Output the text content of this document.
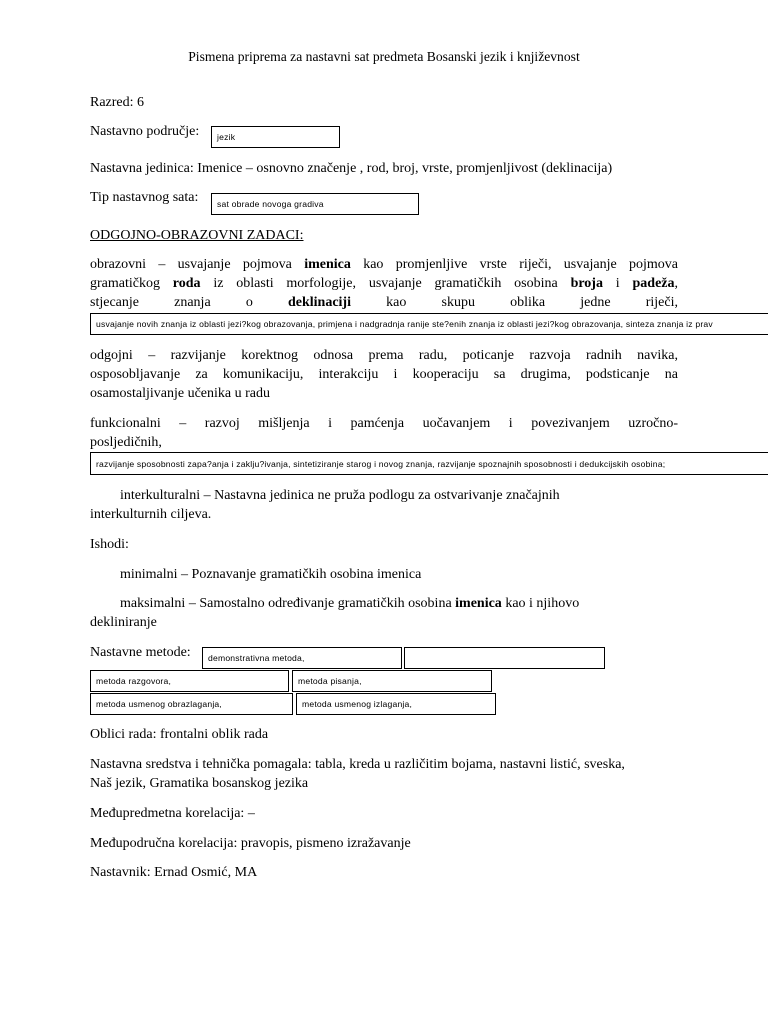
Pismena priprema za nastavni sat predmeta Bosanski jezik i književnost
Razred: 6
Nastavno područje:	jezik
Nastavna jedinica: Imenice – osnovno značenje , rod, broj, vrste, promjenljivost (deklinacija)
Tip nastavnog sata:	sat obrade novoga gradiva
ODGOJNO-OBRAZOVNI ZADACI:
obrazovni – usvajanje pojmova imenica kao promjenljive vrste riječi, usvajanje pojmova
gramatičkog roda iz oblasti morfologije, usvajanje gramatičkih osobina broja i padeža,
stjecanje znanja o deklinaciji kao skupu oblika jedne riječi,
usvajanje novih znanja iz oblasti jezi?kog obrazovanja, primjena i nadgradnja ranije ste?enih znanja iz oblasti jezi?kog obrazovanja, sinteza znanja iz prav
odgojni – razvijanje korektnog odnosa prema radu, poticanje razvoja radnih navika,
osposobljavanje za komunikaciju, interakciju i kooperaciju sa drugima, podsticanje na
osamostaljivanje učenika u radu
funkcionalni – razvoj mišljenja i pamćenja uočavanjem i povezivanjem uzročno-
posljedičnih,
razvijanje sposobnosti zapa?anja i zaklju?ivanja, sintetiziranje starog i novog znanja, razvijanje spoznajnih sposobnosti i dedukcijskih osobina;
interkulturalni – Nastavna jedinica ne pruža podlogu za ostvarivanje značajnih
interkulturnih ciljeva.
Ishodi:
minimalni – Poznavanje gramatičkih osobina imenica
maksimalni – Samostalno određivanje gramatičkih osobina imenica kao i njihovo
dekliniranje
Nastavne metode:	demonstrativna metoda,
metoda razgovora,	metoda pisanja,
metoda usmenog obrazlaganja,	metoda usmenog izlaganja,
Oblici rada: frontalni oblik rada
Nastavna sredstva i tehnička pomagala: tabla, kreda u različitim bojama, nastavni listić, sveska,
Naš jezik, Gramatika bosanskog jezika
Međupredmetna korelacija: –
Međupodručna korelacija: pravopis, pismeno izražavanje
Nastavnik: Ernad Osmić, MA
